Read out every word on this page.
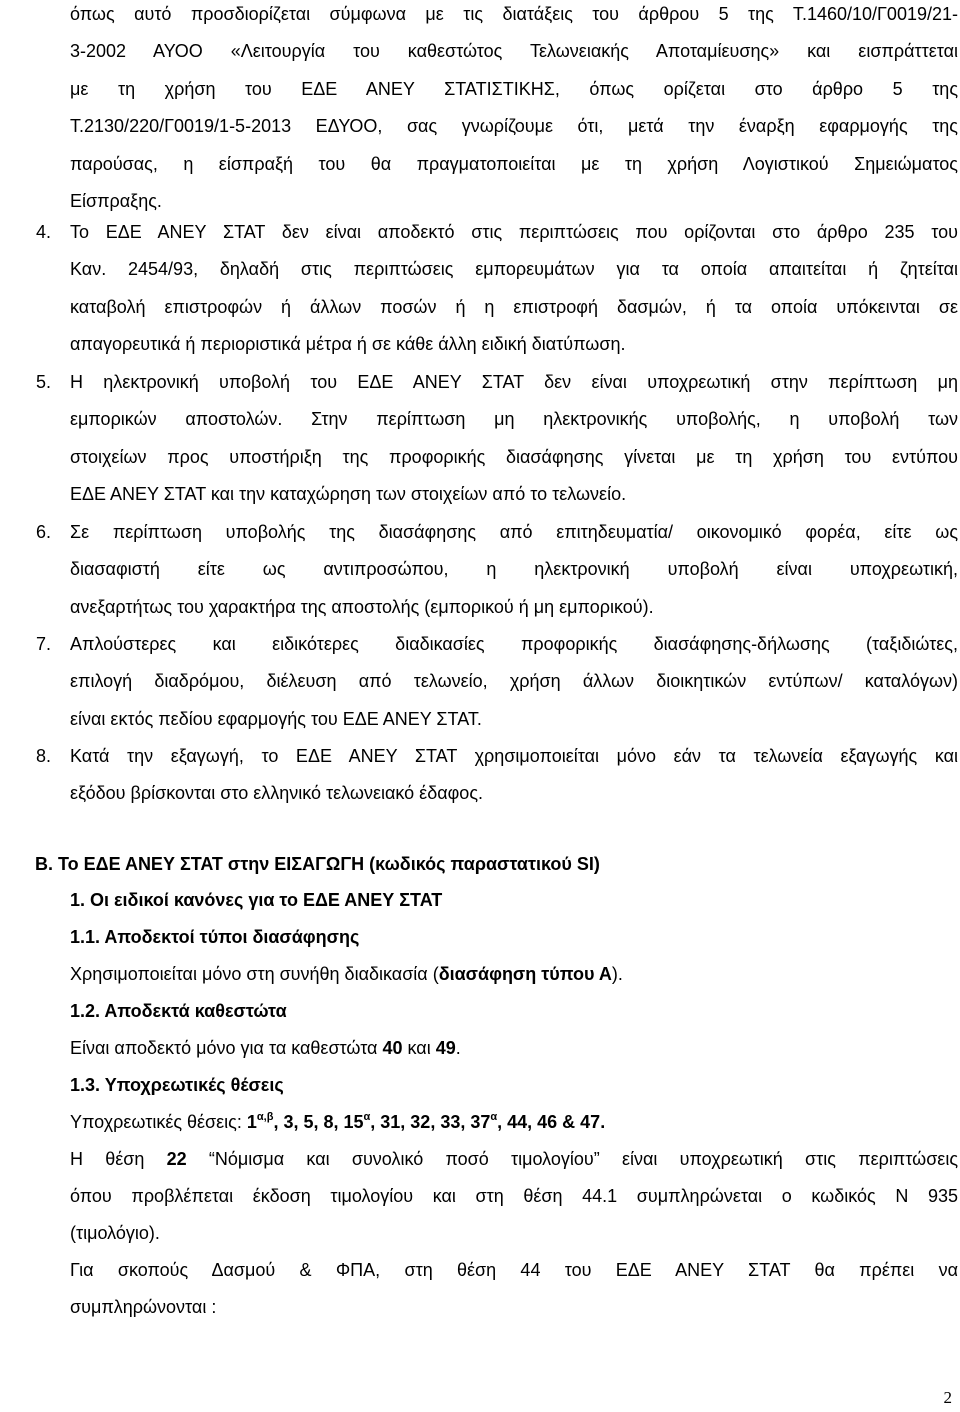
όπως αυτό προσδιορίζεται σύμφωνα με τις διατάξεις του άρθρου 5 της Τ.1460/10/Γ0019/21-
3-2002 ΑΥΟΟ «Λειτουργία του καθεστώτος Τελωνειακής Αποταμίευσης» και εισπράττεται
με τη χρήση του ΕΔΕ ΑΝΕΥ ΣΤΑΤΙΣΤΙΚΗΣ, όπως ορίζεται στο άρθρο 5 της
Τ.2130/220/Γ0019/1-5-2013 ΕΔΥΟΟ, σας γνωρίζουμε ότι, μετά την έναρξη εφαρμογής της
παρούσας, η είσπραξή του θα πραγματοποιείται με τη χρήση Λογιστικού Σημειώματος
Είσπραξης.
4. Το ΕΔΕ ΑΝΕΥ ΣΤΑΤ δεν είναι αποδεκτό στις περιπτώσεις που ορίζονται στο άρθρο 235 του
Καν. 2454/93, δηλαδή στις περιπτώσεις εμπορευμάτων για τα οποία απαιτείται ή ζητείται
καταβολή επιστροφών ή άλλων ποσών ή η επιστροφή δασμών, ή τα οποία υπόκεινται σε
απαγορευτικά ή περιοριστικά μέτρα ή σε κάθε άλλη ειδική διατύπωση.
5. Η ηλεκτρονική υποβολή του ΕΔΕ ΑΝΕΥ ΣΤΑΤ δεν είναι υποχρεωτική στην περίπτωση μη
εμπορικών αποστολών. Στην περίπτωση μη ηλεκτρονικής υποβολής, η υποβολή των
στοιχείων προς υποστήριξη της προφορικής διασάφησης γίνεται με τη χρήση του εντύπου
ΕΔΕ ΑΝΕΥ ΣΤΑΤ και την καταχώρηση των στοιχείων από το τελωνείο.
6. Σε περίπτωση υποβολής της διασάφησης από επιτηδευματία/ οικονομικό φορέα, είτε ως
διασαφιστή είτε ως αντιπροσώπου, η ηλεκτρονική υποβολή είναι υποχρεωτική,
ανεξαρτήτως του χαρακτήρα της αποστολής (εμπορικού ή μη εμπορικού).
7. Απλούστερες και ειδικότερες διαδικασίες προφορικής διασάφησης-δήλωσης (ταξιδιώτες,
επιλογή διαδρόμου, διέλευση από τελωνείο, χρήση άλλων διοικητικών εντύπων/ καταλόγων)
είναι εκτός πεδίου εφαρμογής του ΕΔΕ ΑΝΕΥ ΣΤΑΤ.
8. Κατά την εξαγωγή, το ΕΔΕ ΑΝΕΥ ΣΤΑΤ χρησιμοποιείται μόνο εάν τα τελωνεία εξαγωγής και
εξόδου βρίσκονται στο ελληνικό τελωνειακό έδαφος.
Β. Το ΕΔΕ ΑΝΕΥ ΣΤΑΤ στην ΕΙΣΑΓΩΓΗ (κωδικός παραστατικού SI)
1. Οι ειδικοί κανόνες για το ΕΔΕ ΑΝΕΥ ΣΤΑΤ
1.1. Αποδεκτοί τύποι διασάφησης
Χρησιμοποιείται μόνο στη συνήθη διαδικασία (διασάφηση τύπου Α).
1.2. Αποδεκτά καθεστώτα
Είναι αποδεκτό μόνο για τα καθεστώτα 40 και 49.
1.3. Υποχρεωτικές θέσεις
Υποχρεωτικές θέσεις: $1^{\alpha,\beta}$, 3, 5, 8, $15^\alpha$, 31, 32, 33, $37^\alpha$, 44, 46 & 47.
Η θέση 22 “Νόμισμα και συνολικό ποσό τιμολογίου” είναι υποχρεωτική στις περιπτώσεις
όπου προβλέπεται έκδοση τιμολογίου και στη θέση 44.1 συμπληρώνεται ο κωδικός Ν 935
(τιμολόγιο).
Για σκοπούς Δασμού & ΦΠΑ, στη θέση 44 του ΕΔΕ ΑΝΕΥ ΣΤΑΤ θα πρέπει να
συμπληρώνονται :
2
